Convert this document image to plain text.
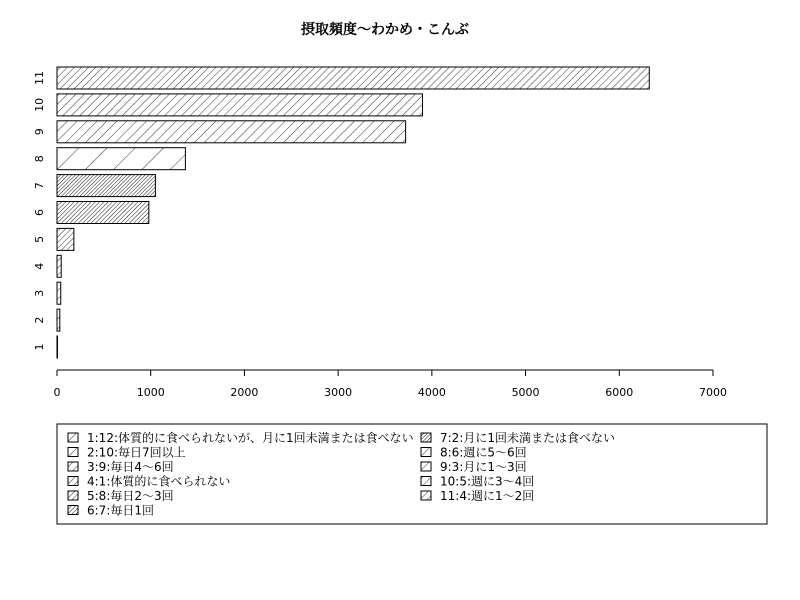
摂取頻度〜わかめ・こんぶ
1
2
3
4
5
6
7
8
9
10
11
0	1000	2000	3000	4000	5000	6000	7000
1:12:体質的に食べられないが、月に1回未満または食べない
2:10:毎日7回以上
3:9:毎日4〜6回
4:1:体質的に食べられない
5:8:毎日2〜3回
6:7:毎日1回
7:2:月に1回未満または食べない
8:6:週に5〜6回
9:3:月に1〜3回
10:5:週に3〜4回
11:4:週に1〜2回
